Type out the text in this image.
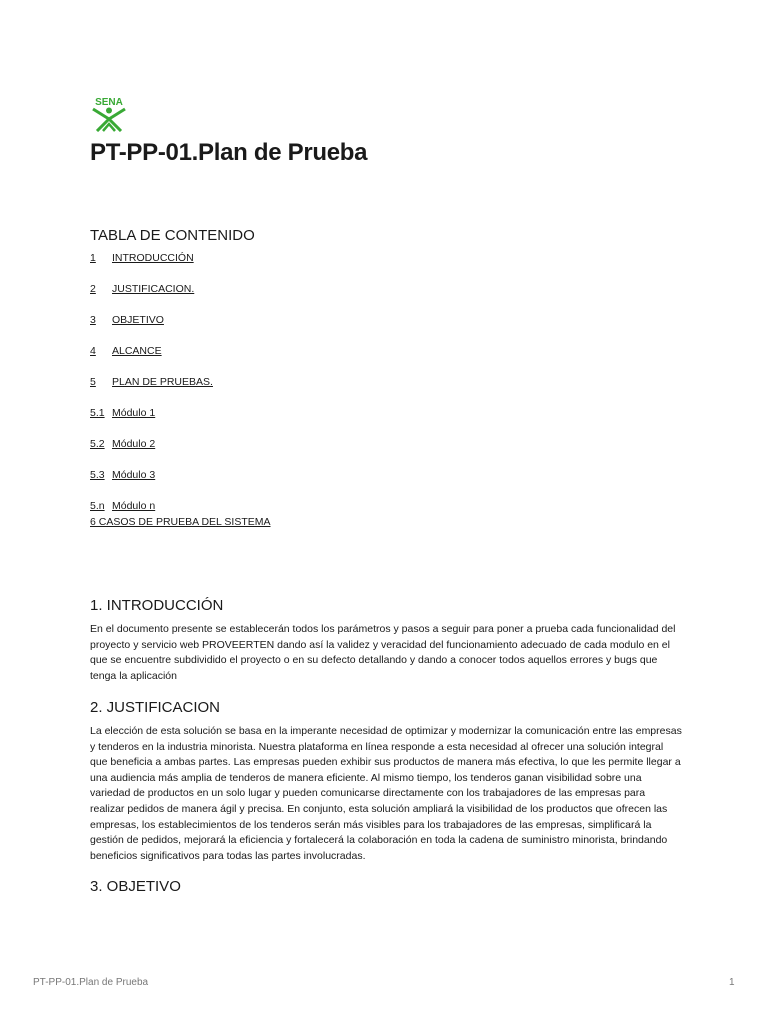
SENA
PT-PP-01.Plan de Prueba
TABLA DE CONTENIDO
1	INTRODUCCIÓN
2	JUSTIFICACION.
3	OBJETIVO
4	ALCANCE
5	PLAN DE PRUEBAS.
5.1 Módulo 1
5.2 Módulo 2
5.3 Módulo 3
5.n Módulo n
6 CASOS DE PRUEBA DEL SISTEMA
1. INTRODUCCIÓN

En el documento presente se establecerán todos los parámetros y pasos a seguir para poner a prueba cada funcionalidad del proyecto y servicio web PROVEERTEN dando así la validez y veracidad del funcionamiento adecuado de cada modulo en el que se encuentre subdividido el proyecto o en su defecto detallando y dando a conocer todos aquellos errores y bugs que tenga la aplicación

2. JUSTIFICACION

La elección de esta solución se basa en la imperante necesidad de optimizar y modernizar la comunicación entre las empresas y tenderos en la industria minorista. Nuestra plataforma en línea responde a esta necesidad al ofrecer una solución integral que beneficia a ambas partes. Las empresas pueden exhibir sus productos de manera más efectiva, lo que les permite llegar a una audiencia más amplia de tenderos de manera eficiente. Al mismo tiempo, los tenderos ganan visibilidad sobre una variedad de productos en un solo lugar y pueden comunicarse directamente con los trabajadores de las empresas para realizar pedidos de manera ágil y precisa. En conjunto, esta solución ampliará la visibilidad de los productos que ofrecen las empresas, los establecimientos de los tenderos serán más visibles para los trabajadores de las empresas, simplificará la gestión de pedidos, mejorará la eficiencia y fortalecerá la colaboración en toda la cadena de suministro minorista, brindando beneficios significativos para todas las partes involucradas.

3. OBJETIVO
PT-PP-01.Plan de Prueba	1
